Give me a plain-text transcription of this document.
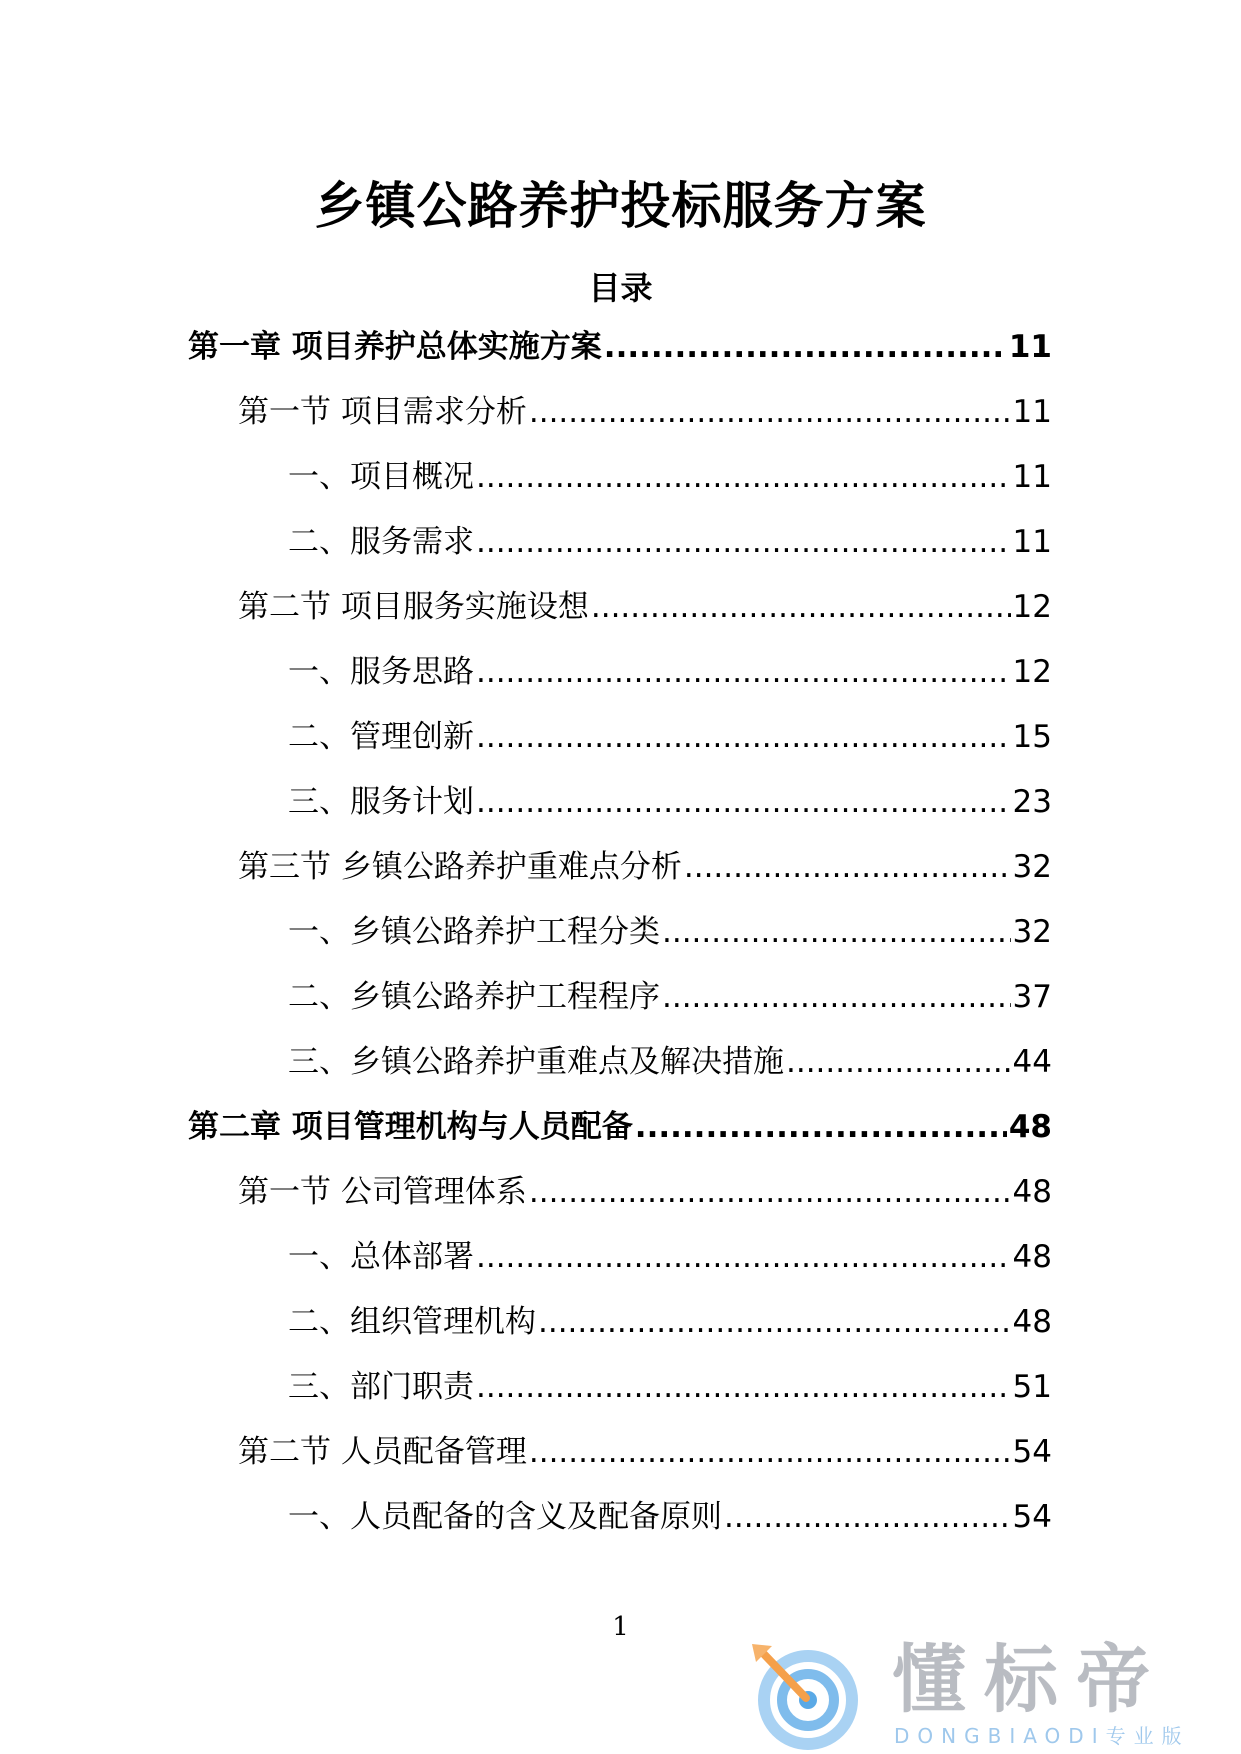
乡镇公路养护投标服务方案
目录
第一章 项目养护总体实施方案 .....	11
第一节 项目需求分析 .....	11
一、项目概况 .....	11
二、服务需求 .....	11
第二节 项目服务实施设想 .....	12
一、服务思路 .....	12
二、管理创新 .....	15
三、服务计划 .....	23
第三节 乡镇公路养护重难点分析 .....	32
一、乡镇公路养护工程分类 .....	32
二、乡镇公路养护工程程序 .....	37
三、乡镇公路养护重难点及解决措施 .....	44
第二章 项目管理机构与人员配备 .....	48
第一节 公司管理体系 .....	48
一、总体部署 .....	48
二、组织管理机构 .....	48
三、部门职责 .....	51
第二节 人员配备管理 .....	54
一、人员配备的含义及配备原则 .....	54
1
懂标帝
DONGBIAODI专业版
